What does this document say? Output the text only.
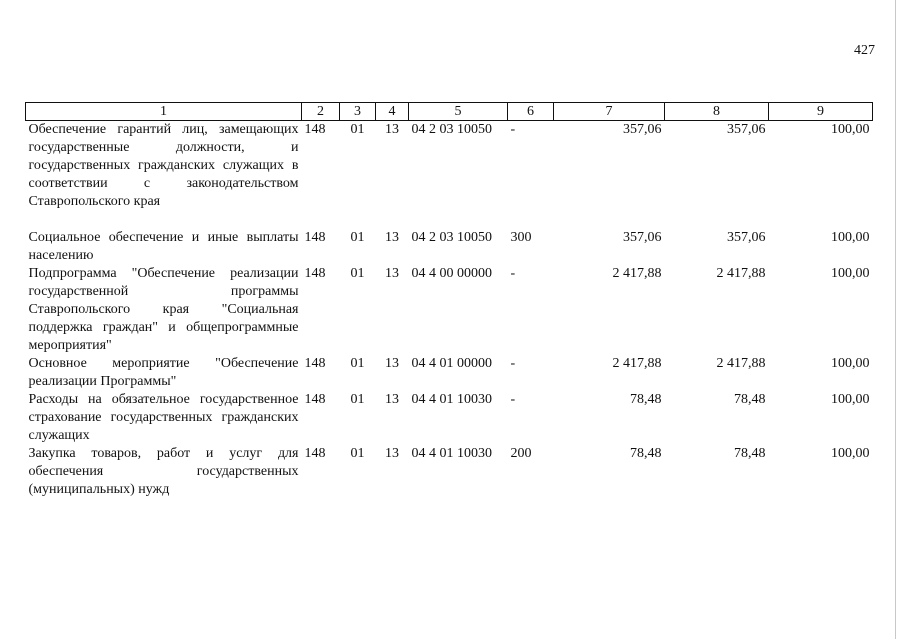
427
1	2	3	4	5	6	7	8	9
Обеспечение гарантий лиц, замещающих государственные должности, и государственных гражданских служащих в соответствии с законодательством Ставропольского края	148	01	13	04 2 03 10050	-	357,06	357,06	100,00

Социальное обеспечение и иные выплаты населению	148	01	13	04 2 03 10050	300	357,06	357,06	100,00
Подпрограмма "Обеспечение реализации государственной программы Ставропольского края "Социальная поддержка граждан" и общепрограммные мероприятия"	148	01	13	04 4 00 00000	-	2 417,88	2 417,88	100,00
Основное мероприятие "Обеспечение реализации Программы"	148	01	13	04 4 01 00000	-	2 417,88	2 417,88	100,00
Расходы на обязательное государственное страхование государственных гражданских служащих	148	01	13	04 4 01 10030	-	78,48	78,48	100,00
Закупка товаров, работ и услуг для обеспечения государственных (муниципальных) нужд	148	01	13	04 4 01 10030	200	78,48	78,48	100,00
